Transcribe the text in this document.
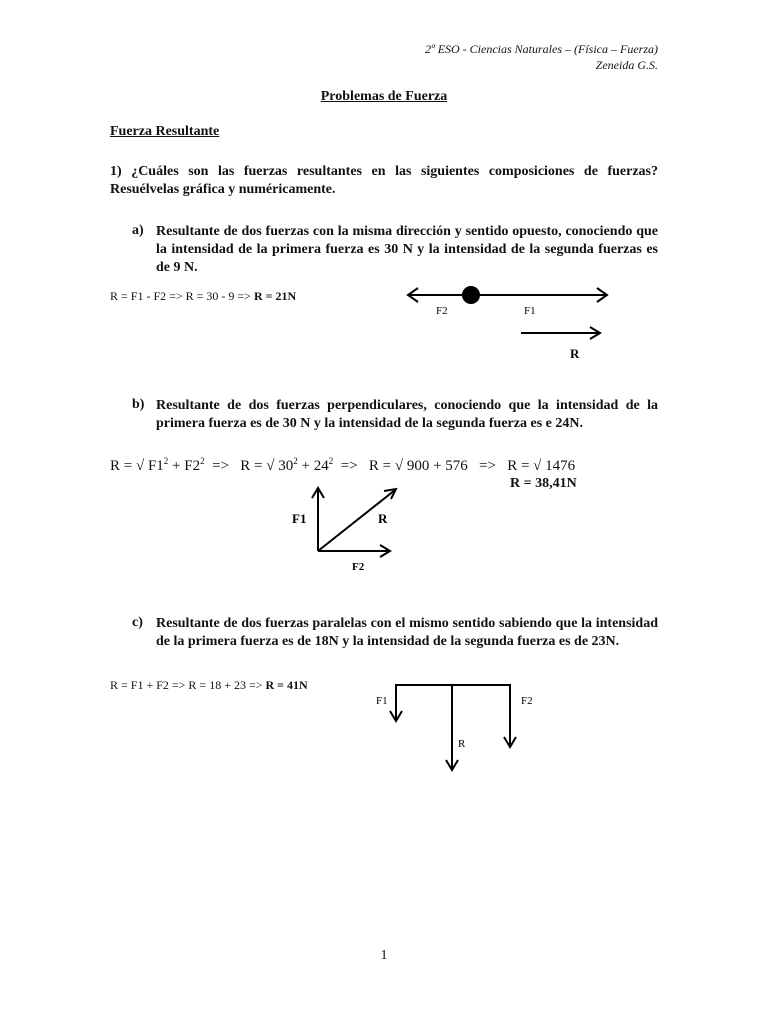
2º ESO - Ciencias Naturales – (Física – Fuerza)
Zeneida G.S.
Problemas de Fuerza
Fuerza Resultante
1) ¿Cuáles son las fuerzas resultantes en las siguientes composiciones de fuerzas? Resuélvelas gráfica y numéricamente.
a) Resultante de dos fuerzas con la misma dirección y sentido opuesto, conociendo que la intensidad de la primera fuerza es 30 N y la intensidad de la segunda fuerzas es de 9 N.
R = F1 - F2 => R = 30 - 9 => R = 21N
F2	F1
R
b) Resultante de dos fuerzas perpendiculares, conociendo que la intensidad de la primera fuerza es de 30 N y la intensidad de la segunda fuerza es e 24N.
R = √ $F1^2 + F2^2 => R$ = √ $30^2 + 24^2 => R$ = √ 900 + 576   =>   R = √ 1476
R = 38,41N
F1	R
F2
c) Resultante de dos fuerzas paralelas con el mismo sentido sabiendo que la intensidad de la primera fuerza es de 18N y la intensidad de la segunda fuerza es de 23N.
R = F1 + F2 => R = 18 + 23 => R = 41N
F1	F2
R
1
